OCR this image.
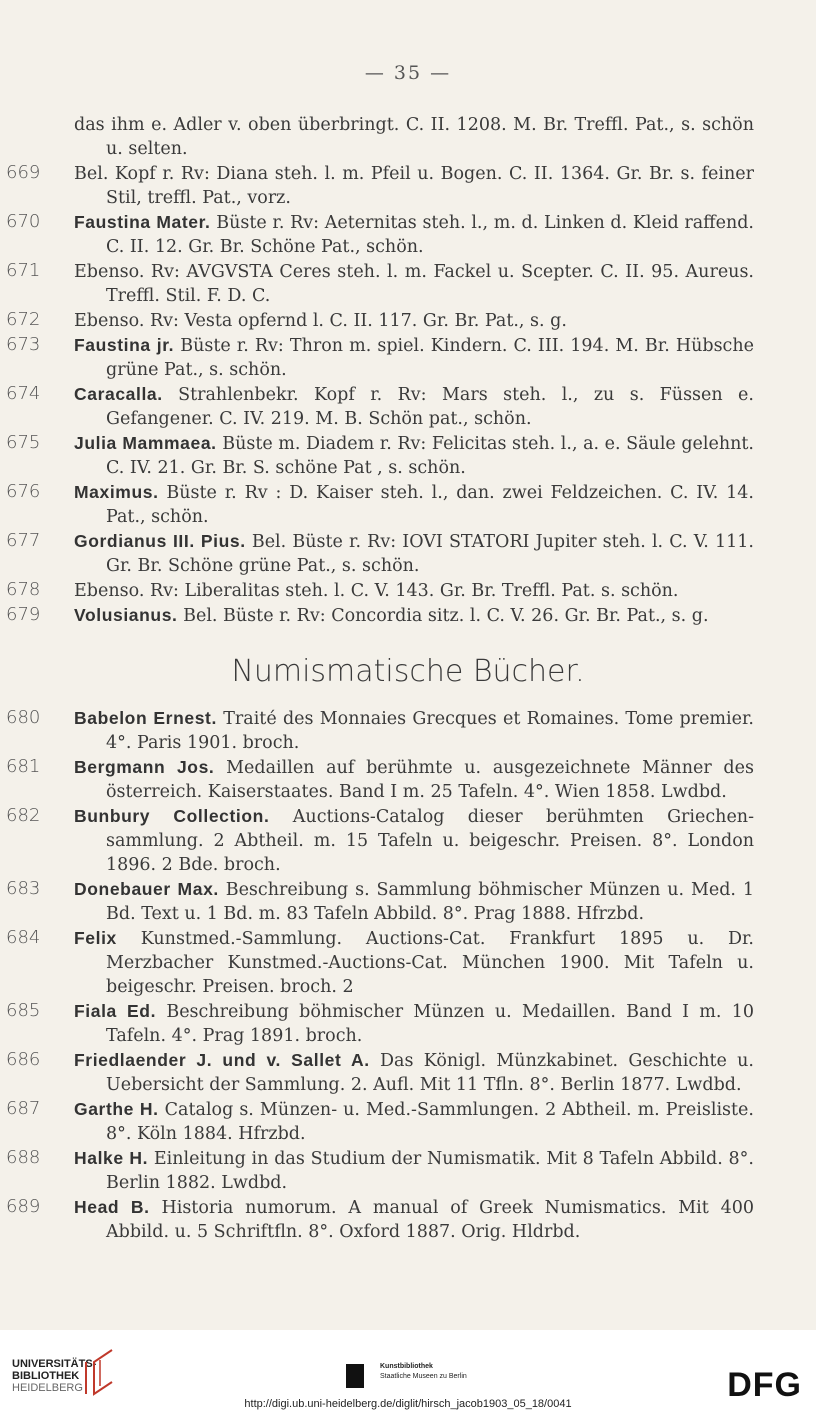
— 35 —
das ihm e. Adler v. oben überbringt. C. II. 1208. M. Br. Treffl. Pat., s. schön u. selten.
669 Bel. Kopf r. Rv: Diana steh. l. m. Pfeil u. Bogen. C. II. 1364. Gr. Br. s. feiner Stil, treffl. Pat., vorz.
670 Faustina Mater. Büste r. Rv: Aeternitas steh. l., m. d. Linken d. Kleid raffend. C. II. 12. Gr. Br. Schöne Pat., schön.
671 Ebenso. Rv: AVGVSTA Ceres steh. l. m. Fackel u. Scepter. C. II. 95. Aureus. Treffl. Stil. F. D. C.
672 Ebenso. Rv: Vesta opfernd l. C. II. 117. Gr. Br. Pat., s. g.
673 Faustina jr. Büste r. Rv: Thron m. spiel. Kindern. C. III. 194. M. Br. Hübsche grüne Pat., s. schön.
674 Caracalla. Strahlenbekr. Kopf r. Rv: Mars steh. l., zu s. Füssen e. Gefangener. C. IV. 219. M. B. Schön pat., schön.
675 Julia Mammaea. Büste m. Diadem r. Rv: Felicitas steh. l., a. e. Säule gelehnt. C. IV. 21. Gr. Br. S. schöne Pat , s. schön.
676 Maximus. Büste r. Rv : D. Kaiser steh. l., dan. zwei Feldzeichen. C. IV. 14. Pat., schön.
677 Gordianus III. Pius. Bel. Büste r. Rv: IOVI STATORI Jupiter steh. l. C. V. 111. Gr. Br. Schöne grüne Pat., s. schön.
678 Ebenso. Rv: Liberalitas steh. l. C. V. 143. Gr. Br. Treffl. Pat. s. schön.
679 Volusianus. Bel. Büste r. Rv: Concordia sitz. l. C. V. 26. Gr. Br. Pat., s. g.
Numismatische Bücher.
680 Babelon Ernest. Traité des Monnaies Grecques et Romaines. Tome premier. 4°. Paris 1901. broch.
681 Bergmann Jos. Medaillen auf berühmte u. ausgezeichnete Männer des österreich. Kaiserstaates. Band I m. 25 Tafeln. 4°. Wien 1858. Lwdbd.
682 Bunbury Collection. Auctions-Catalog dieser berühmten Griechen-sammlung. 2 Abtheil. m. 15 Tafeln u. beigeschr. Preisen. 8°. London 1896. 2 Bde. broch.
683 Donebauer Max. Beschreibung s. Sammlung böhmischer Münzen u. Med. 1 Bd. Text u. 1 Bd. m. 83 Tafeln Abbild. 8°. Prag 1888. Hfrzbd.
684 Felix Kunstmed.-Sammlung. Auctions-Cat. Frankfurt 1895 u. Dr. Merzbacher Kunstmed.-Auctions-Cat. München 1900. Mit Tafeln u. beigeschr. Preisen. broch. 2
685 Fiala Ed. Beschreibung böhmischer Münzen u. Medaillen. Band I m. 10 Tafeln. 4°. Prag 1891. broch.
686 Friedlaender J. und v. Sallet A. Das Königl. Münzkabinet. Geschichte u. Uebersicht der Sammlung. 2. Aufl. Mit 11 Tfln. 8°. Berlin 1877. Lwdbd.
687 Garthe H. Catalog s. Münzen- u. Med.-Sammlungen. 2 Abtheil. m. Preisliste. 8°. Köln 1884. Hfrzbd.
688 Halke H. Einleitung in das Studium der Numismatik. Mit 8 Tafeln Abbild. 8°. Berlin 1882. Lwdbd.
689 Head B. Historia numorum. A manual of Greek Numismatics. Mit 400 Abbild. u. 5 Schriftfln. 8°. Oxford 1887. Orig. Hldrbd.
UNIVERSITÄTS-
BIBLIOTHEK
HEIDELBERG
Kunstbibliothek
Staatliche Museen zu Berlin	DFG
http://digi.ub.uni-heidelberg.de/diglit/hirsch_jacob1903_05_18/0041
